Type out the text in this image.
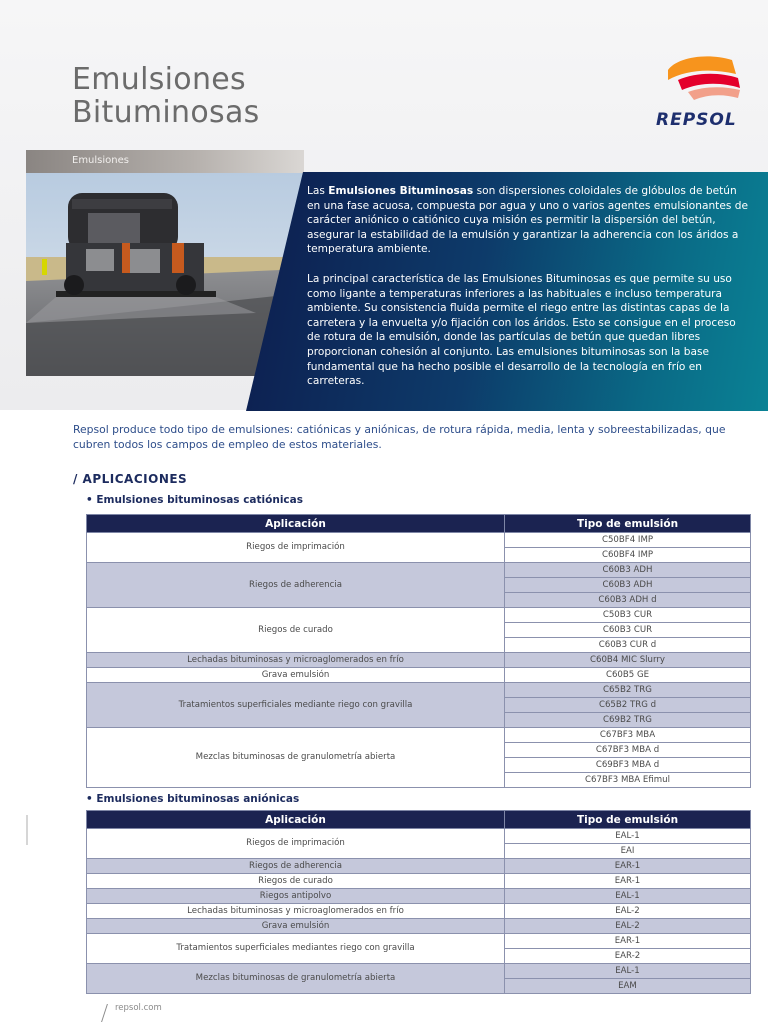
Emulsiones
Bituminosas	REPSOL
Emulsiones

Las Emulsiones Bituminosas son dispersiones coloidales de glóbulos de betún en una fase acuosa, compuesta por agua y uno o varios agentes emulsionantes de carácter aniónico o catiónico cuya misión es permitir la dispersión del betún, asegurar la estabilidad de la emulsión y garantizar la adherencia con los áridos a temperatura ambiente.

La principal característica de las Emulsiones Bituminosas es que permite su uso como ligante a temperaturas inferiores a las habituales e incluso temperatura ambiente. Su consistencia fluida permite el riego entre las distintas capas de la carretera y la envuelta y/o fijación con los áridos. Esto se consigue en el proceso de rotura de la emulsión, donde las partículas de betún que quedan libres proporcionan cohesión al conjunto. Las emulsiones bituminosas son la base fundamental que ha hecho posible el desarrollo de la tecnología en frío en carreteras.

Repsol produce todo tipo de emulsiones: catiónicas y aniónicas, de rotura rápida, media, lenta y sobreestabilizadas, que cubren todos los campos de empleo de estos materiales.
/ APLICACIONES
• Emulsiones bituminosas catiónicas
Aplicación	Tipo de emulsión
Riegos de imprimación	C50BF4 IMP
	C60BF4 IMP
Riegos de adherencia	C60B3 ADH
	C60B3 ADH
	C60B3 ADH d
Riegos de curado	C50B3 CUR
	C60B3 CUR
	C60B3 CUR d
Lechadas bituminosas y microaglomerados en frío	C60B4 MIC Slurry
Grava emulsión	C60B5 GE
Tratamientos superficiales mediante riego con gravilla	C65B2 TRG
	C65B2 TRG d
	C69B2 TRG
Mezclas bituminosas de granulometría abierta	C67BF3 MBA
	C67BF3 MBA d
	C69BF3 MBA d
	C67BF3 MBA Efimul
• Emulsiones bituminosas aniónicas
Aplicación	Tipo de emulsión
Riegos de imprimación	EAL-1
	EAI
Riegos de adherencia	EAR-1
Riegos de curado	EAR-1
Riegos antipolvo	EAL-1
Lechadas bituminosas y microaglomerados en frío	EAL-2
Grava emulsión	EAL-2
Tratamientos superficiales mediantes riego con gravilla	EAR-1
	EAR-2
Mezclas bituminosas de granulometría abierta	EAL-1
	EAM
repsol.com
